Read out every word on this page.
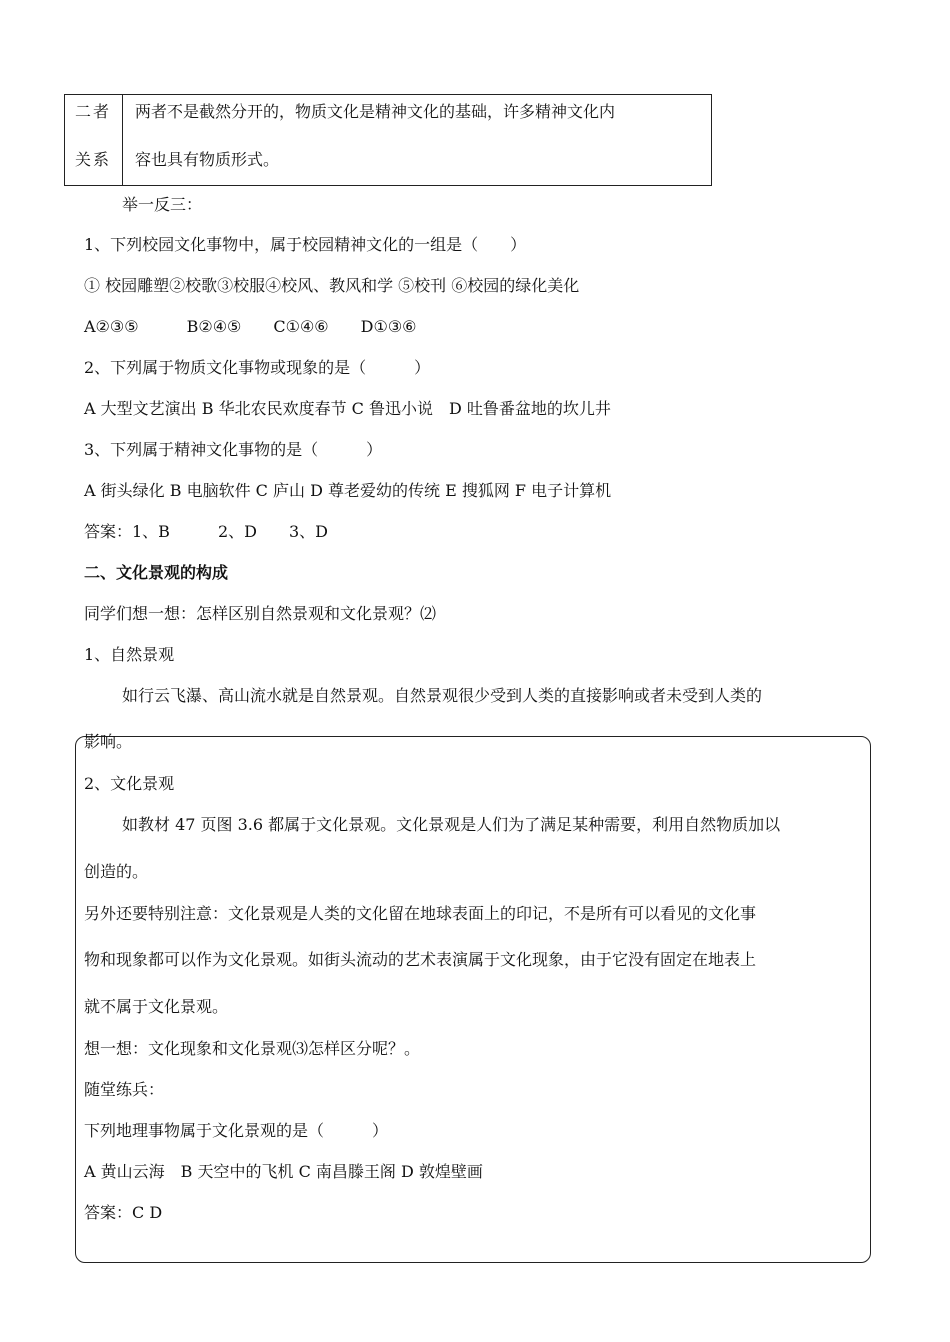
二者
关系
两者不是截然分开的，物质文化是精神文化的基础，许多精神文化内
容也具有物质形式。
举一反三：
1、下列校园文化事物中，属于校园精神文化的一组是（　　）
① 校园雕塑②校歌③校服④校风、教风和学 ⑤校刊 ⑥校园的绿化美化
A②③⑤　　　B②④⑤　　C①④⑥　　D①③⑥
2、下列属于物质文化事物或现象的是（　　　）
A 大型文艺演出 B 华北农民欢度春节 C 鲁迅小说　D 吐鲁番盆地的坎儿井
3、下列属于精神文化事物的是（　　　）
A 街头绿化 B 电脑软件 C 庐山 D 尊老爱幼的传统 E 搜狐网 F 电子计算机
答案：1、B　　　2、D　　3、D
二、文化景观的构成
同学们想一想：怎样区别自然景观和文化景观？⑵
1、自然景观
如行云飞瀑、高山流水就是自然景观。自然景观很少受到人类的直接影响或者未受到人类的
影响。
2、文化景观
如教材 47 页图 3.6 都属于文化景观。文化景观是人们为了满足某种需要，利用自然物质加以
创造的。
另外还要特别注意：文化景观是人类的文化留在地球表面上的印记，不是所有可以看见的文化事
物和现象都可以作为文化景观。如街头流动的艺术表演属于文化现象，由于它没有固定在地表上
就不属于文化景观。
想一想：文化现象和文化景观⑶怎样区分呢？。
随堂练兵：
下列地理事物属于文化景观的是（　　　）
A 黄山云海　B 天空中的飞机 C 南昌滕王阁 D 敦煌壁画
答案：C D
